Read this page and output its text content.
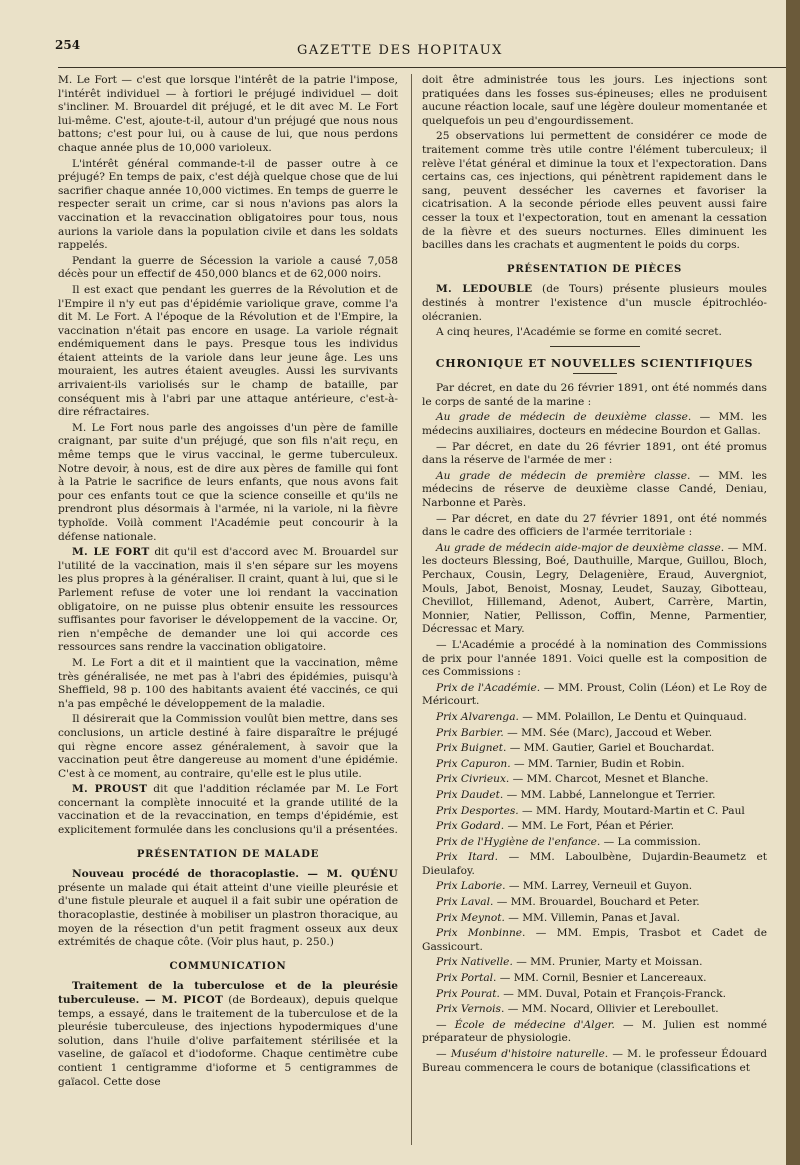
254	GAZETTE DES HOPITAUX

M. Le Fort — c'est que lorsque l'intérêt de la patrie l'impose, l'intérêt individuel — à fortiori le préjugé individuel — doit s'incliner. M. Brouardel dit préjugé, et le dit avec M. Le Fort lui-même. C'est, ajoute-t-il, autour d'un préjugé que nous nous battons; c'est pour lui, ou à cause de lui, que nous perdons chaque année plus de 10,000 varioleux.

L'intérêt général commande-t-il de passer outre à ce préjugé? En temps de paix, c'est déjà quelque chose que de lui sacrifier chaque année 10,000 victimes. En temps de guerre le respecter serait un crime, car si nous n'avions pas alors la vaccination et la revaccination obligatoires pour tous, nous aurions la variole dans la population civile et dans les soldats rappelés.

Pendant la guerre de Sécession la variole a causé 7,058 décès pour un effectif de 450,000 blancs et de 62,000 noirs.

Il est exact que pendant les guerres de la Révolution et de l'Empire il n'y eut pas d'épidémie variolique grave, comme l'a dit M. Le Fort. A l'époque de la Révolution et de l'Empire, la vaccination n'était pas encore en usage. La variole régnait endémiquement dans le pays. Presque tous les individus étaient atteints de la variole dans leur jeune âge. Les uns mouraient, les autres étaient aveugles. Aussi les survivants arrivaient-ils variolisés sur le champ de bataille, par conséquent mis à l'abri par une attaque antérieure, c'est-à-dire réfractaires.

M. Le Fort nous parle des angoisses d'un père de famille craignant, par suite d'un préjugé, que son fils n'ait reçu, en même temps que le virus vaccinal, le germe tuberculeux. Notre devoir, à nous, est de dire aux pères de famille qui font à la Patrie le sacrifice de leurs enfants, que nous avons fait pour ces enfants tout ce que la science conseille et qu'ils ne prendront plus désormais à l'armée, ni la variole, ni la fièvre typhoïde. Voilà comment l'Académie peut concourir à la défense nationale.

M. LE FORT dit qu'il est d'accord avec M. Brouardel sur l'utilité de la vaccination, mais il s'en sépare sur les moyens les plus propres à la généraliser. Il craint, quant à lui, que si le Parlement refuse de voter une loi rendant la vaccination obligatoire, on ne puisse plus obtenir ensuite les ressources suffisantes pour favoriser le développement de la vaccine. Or, rien n'empêche de demander une loi qui accorde ces ressources sans rendre la vaccination obligatoire.

M. Le Fort a dit et il maintient que la vaccination, même très généralisée, ne met pas à l'abri des épidémies, puisqu'à Sheffield, 98 p. 100 des habitants avaient été vaccinés, ce qui n'a pas empêché le développement de la maladie.

Il désirerait que la Commission voulût bien mettre, dans ses conclusions, un article destiné à faire disparaître le préjugé qui règne encore assez généralement, à savoir que la vaccination peut être dangereuse au moment d'une épidémie. C'est à ce moment, au contraire, qu'elle est le plus utile.

M. PROUST dit que l'addition réclamée par M. Le Fort concernant la complète innocuité et la grande utilité de la vaccination et de la revaccination, en temps d'épidémie, est explicitement formulée dans les conclusions qu'il a présentées.

PRÉSENTATION DE MALADE

Nouveau procédé de thoracoplastie. — M. QUÉNU présente un malade qui était atteint d'une vieille pleurésie et d'une fistule pleurale et auquel il a fait subir une opération de thoracoplastie, destinée à mobiliser un plastron thoracique, au moyen de la résection d'un petit fragment osseux aux deux extrémités de chaque côte. (Voir plus haut, p. 250.)

COMMUNICATION

Traitement de la tuberculose et de la pleurésie tuberculeuse. — M. PICOT (de Bordeaux), depuis quelque temps, a essayé, dans le traitement de la tuberculose et de la pleurésie tuberculeuse, des injections hypodermiques d'une solution, dans l'huile d'olive parfaitement stérilisée et la vaseline, de gaïacol et d'iodoforme. Chaque centimètre cube contient 1 centigramme d'ioforme et 5 centigrammes de gaïacol. Cette dose

doit être administrée tous les jours. Les injections sont pratiquées dans les fosses sus-épineuses; elles ne produisent aucune réaction locale, sauf une légère douleur momentanée et quelquefois un peu d'engourdissement.

25 observations lui permettent de considérer ce mode de traitement comme très utile contre l'élément tuberculeux; il relève l'état général et diminue la toux et l'expectoration. Dans certains cas, ces injections, qui pénètrent rapidement dans le sang, peuvent dessécher les cavernes et favoriser la cicatrisation. A la seconde période elles peuvent aussi faire cesser la toux et l'expectoration, tout en amenant la cessation de la fièvre et des sueurs nocturnes. Elles diminuent les bacilles dans les crachats et augmentent le poids du corps.

PRÉSENTATION DE PIÈCES

M. LEDOUBLE (de Tours) présente plusieurs moules destinés à montrer l'existence d'un muscle épitrochléo-olécranien.

A cinq heures, l'Académie se forme en comité secret.

CHRONIQUE ET NOUVELLES SCIENTIFIQUES

Par décret, en date du 26 février 1891, ont été nommés dans le corps de santé de la marine :

Au grade de médecin de deuxième classe. — MM. les médecins auxiliaires, docteurs en médecine Bourdon et Gallas.

— Par décret, en date du 26 février 1891, ont été promus dans la réserve de l'armée de mer :

Au grade de médecin de première classe. — MM. les médecins de réserve de deuxième classe Candé, Deniau, Narbonne et Parès.

— Par décret, en date du 27 février 1891, ont été nommés dans le cadre des officiers de l'armée territoriale :

Au grade de médecin aide-major de deuxième classe. — MM. les docteurs Blessing, Boé, Dauthuille, Marque, Guillou, Bloch, Perchaux, Cousin, Legry, Delagenière, Eraud, Auvergniot, Mouls, Jabot, Benoist, Mosnay, Leudet, Sauzay, Gibotteau, Chevillot, Hillemand, Adenot, Aubert, Carrère, Martin, Monnier, Natier, Pellisson, Coffin, Menne, Parmentier, Décressac et Mary.

— L'Académie a procédé à la nomination des Commissions de prix pour l'année 1891. Voici quelle est la composition de ces Commissions :

Prix de l'Académie. — MM. Proust, Colin (Léon) et Le Roy de Méricourt.

Prix Alvarenga. — MM. Polaillon, Le Dentu et Quinquaud.

Prix Barbier. — MM. Sée (Marc), Jaccoud et Weber.

Prix Buignet. — MM. Gautier, Gariel et Bouchardat.

Prix Capuron. — MM. Tarnier, Budin et Robin.

Prix Civrieux. — MM. Charcot, Mesnet et Blanche.

Prix Daudet. — MM. Labbé, Lannelongue et Terrier.

Prix Desportes. — MM. Hardy, Moutard-Martin et C. Paul

Prix Godard. — MM. Le Fort, Péan et Périer.

Prix de l'Hygiène de l'enfance. — La commission.

Prix Itard. — MM. Laboulbène, Dujardin-Beaumetz et Dieulafoy.

Prix Laborie. — MM. Larrey, Verneuil et Guyon.

Prix Laval. — MM. Brouardel, Bouchard et Peter.

Prix Meynot. — MM. Villemin, Panas et Javal.

Prix Monbinne. — MM. Empis, Trasbot et Cadet de Gassicourt.

Prix Nativelle. — MM. Prunier, Marty et Moissan.

Prix Portal. — MM. Cornil, Besnier et Lancereaux.

Prix Pourat. — MM. Duval, Potain et François-Franck.

Prix Vernois. — MM. Nocard, Ollivier et Lereboullet.

— École de médecine d'Alger. — M. Julien est nommé préparateur de physiologie.

— Muséum d'histoire naturelle. — M. le professeur Édouard Bureau commencera le cours de botanique (classifications et
